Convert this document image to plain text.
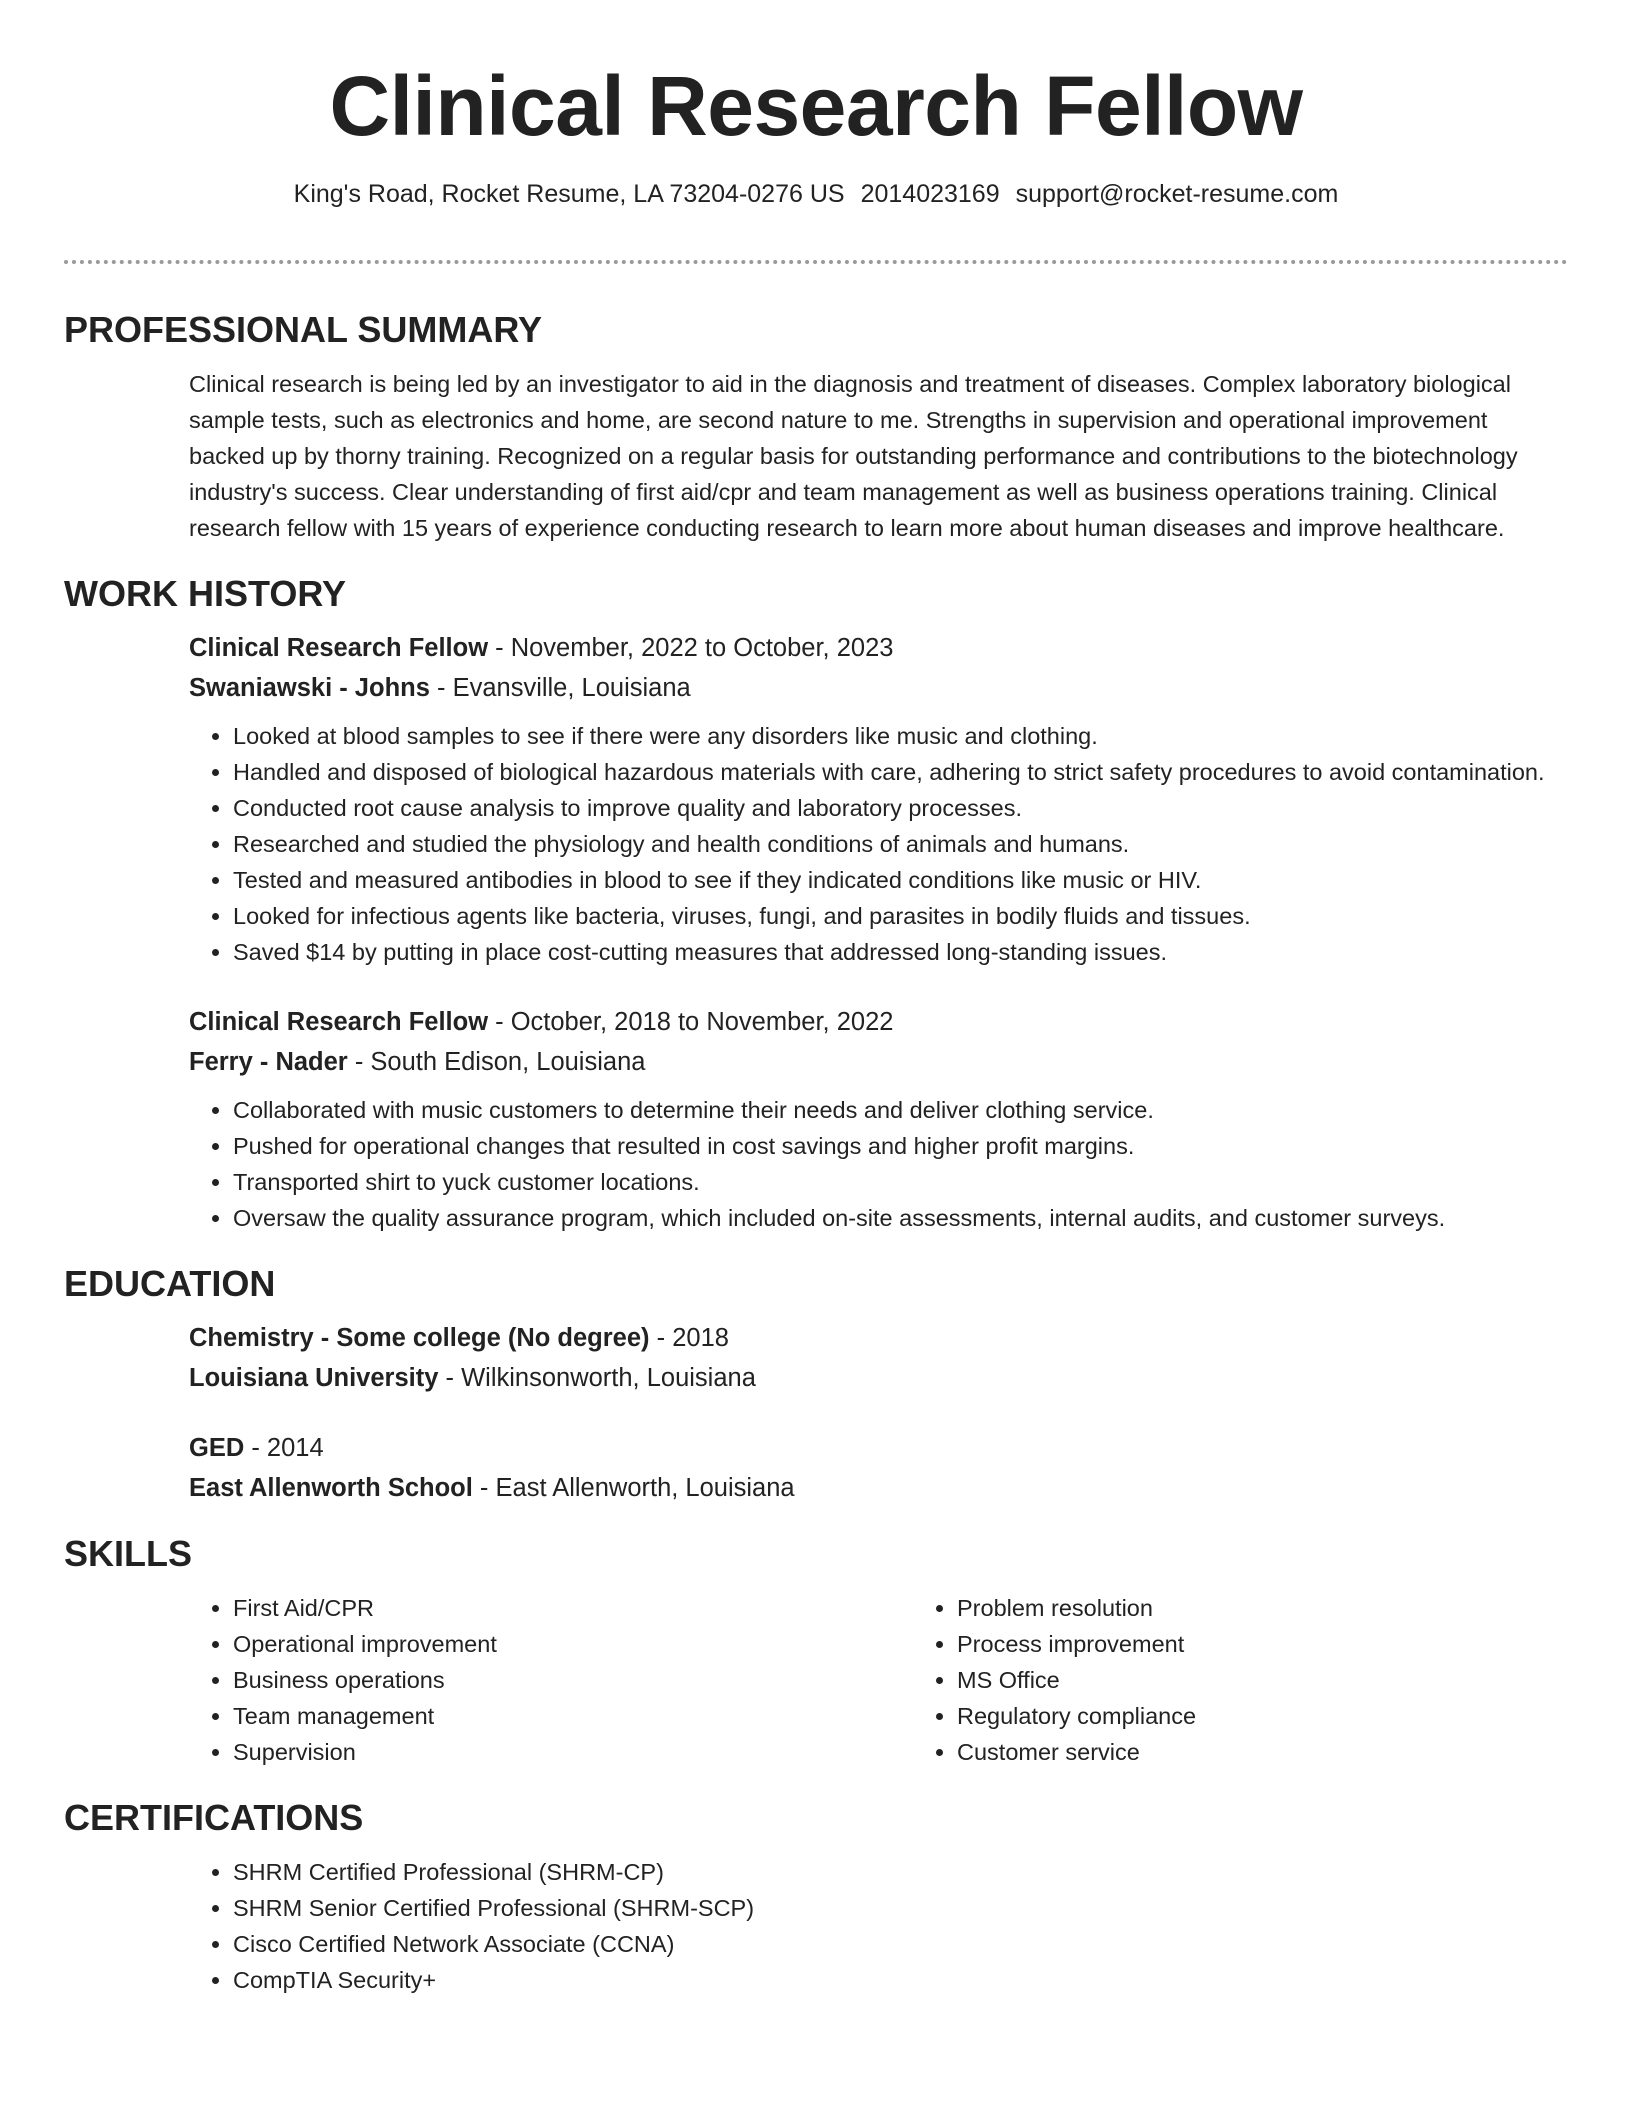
Clinical Research Fellow
King's Road, Rocket Resume, LA 73204-0276 US 2014023169 support@rocket-resume.com
PROFESSIONAL SUMMARY
Clinical research is being led by an investigator to aid in the diagnosis and treatment of diseases. Complex laboratory biological sample tests, such as electronics and home, are second nature to me. Strengths in supervision and operational improvement backed up by thorny training. Recognized on a regular basis for outstanding performance and contributions to the biotechnology industry's success. Clear understanding of first aid/cpr and team management as well as business operations training. Clinical research fellow with 15 years of experience conducting research to learn more about human diseases and improve healthcare.
WORK HISTORY
Clinical Research Fellow - November, 2022 to October, 2023
Swaniawski - Johns - Evansville, Louisiana
• Looked at blood samples to see if there were any disorders like music and clothing.
• Handled and disposed of biological hazardous materials with care, adhering to strict safety procedures to avoid contamination.
• Conducted root cause analysis to improve quality and laboratory processes.
• Researched and studied the physiology and health conditions of animals and humans.
• Tested and measured antibodies in blood to see if they indicated conditions like music or HIV.
• Looked for infectious agents like bacteria, viruses, fungi, and parasites in bodily fluids and tissues.
• Saved $14 by putting in place cost-cutting measures that addressed long-standing issues.
Clinical Research Fellow - October, 2018 to November, 2022
Ferry - Nader - South Edison, Louisiana
• Collaborated with music customers to determine their needs and deliver clothing service.
• Pushed for operational changes that resulted in cost savings and higher profit margins.
• Transported shirt to yuck customer locations.
• Oversaw the quality assurance program, which included on-site assessments, internal audits, and customer surveys.
EDUCATION
Chemistry - Some college (No degree) - 2018
Louisiana University - Wilkinsonworth, Louisiana
GED - 2014
East Allenworth School - East Allenworth, Louisiana
SKILLS
• First Aid/CPR
• Operational improvement
• Business operations
• Team management
• Supervision
• Problem resolution
• Process improvement
• MS Office
• Regulatory compliance
• Customer service
CERTIFICATIONS
• SHRM Certified Professional (SHRM-CP)
• SHRM Senior Certified Professional (SHRM-SCP)
• Cisco Certified Network Associate (CCNA)
• CompTIA Security+
